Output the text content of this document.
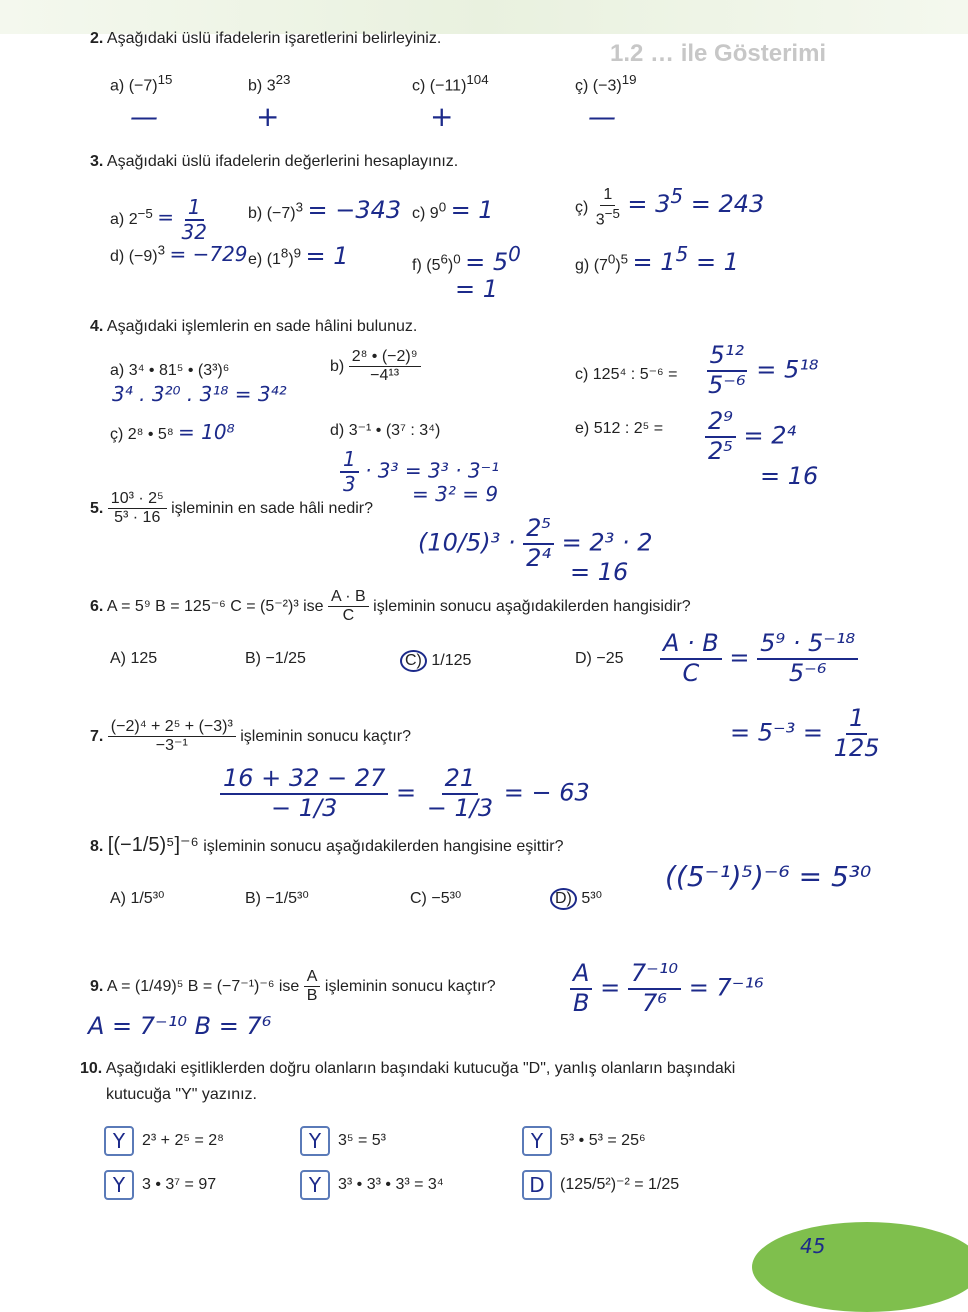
1.2 … ile Gösterimi
2. Aşağıdaki üslü ifadelerin işaretlerini belirleyiniz.
a) $(-7)^{15}$	b) $3^{23}$	c) $(-11)^{104}$	ç) $(-3)^{19}$
—	+	+	—
3. Aşağıdaki üslü ifadelerin değerlerini hesaplayınız.
a) $2^{-5} = \frac{1}{32} b$) $(-7)^3 = -343$ c) $9^0 = 1$	ç) $\frac{1}{3^{-5}} = 3^5 = 243$
d) $(-9)^3 = -729$ e) $(1^8)^9 = 1$	f) $(5^6)^0 = 5^0$
= 1
g) $(7^0)^5 = 1^5 = 1$
4. Aşağıdaki işlemlerin en sade hâlini bulunuz.
a) 3⁴ • 81⁵ • (3³)⁶
3⁴ . 3²⁰ . 3¹⁸ = 3⁴²
$b) \frac{\text{2⁸ • (−2)⁹}}{\text{−4¹³}}$	c) 125⁴ : $5^{-6} = \frac{\text{5¹²}}{\text{5⁻⁶}} = 5^{18}$
ç) 2⁸ • 5⁸ = 10⁸	d) 3⁻¹ • (3⁷ : 3⁴)
$\frac{1}{3} \cdot 3^3 = 3^3 \cdot 3^{-1}$
= 3² = 9
e) 512 : $2^5 = \frac{\text{2⁹}}{\text{2⁵}} = 2^4$
= 16
5. $\frac{\text{10³ · 2⁵}}{\text{5³ · 16}}$ işleminin en sade hâli nedir?
$(10/5)^3 \cdot \frac{\text{2⁵}}{\text{2⁴}} = 2^3 \cdot 2$
= 16
6. A = 5⁹ B = 125⁻⁶ C = (5⁻²)³ ise $\frac{A \cdot B}{C}$ işleminin sonucu aşağıdakilerden hangisidir?
A) 125	B) −1/25	C) 1/125	$D) -25 \frac{A \cdot B}{C} = \frac{\text{5⁹ · 5⁻¹⁸}}{\text{5⁻⁶}}$
= $5^{-3} = \frac{1}{125}$
7. $\frac{\text{(−2)⁴ + 2⁵ + (−3)³}}{\text{−3⁻¹}}$ işleminin sonucu kaçtır?
$\frac{16 + 32 - 27}{- 1/3} = \frac{21}{- 1/3}$ = − 63
8. [(−1/5)⁵]⁻⁶ işleminin sonucu aşağıdakilerden hangisine eşittir?
A) 1/5³⁰	B) −1/5³⁰	C) −5³⁰	D) 5³⁰
((5⁻¹)⁵)⁻⁶ = 5³⁰
9. A = (1/49)⁵ B = (−7⁻¹)⁻⁶ ise $\frac{A}{B}$ işleminin sonucu kaçtır?
A = 7⁻¹⁰ B = 7⁶
$\frac{A}{B} = \frac{\text{7⁻¹⁰}}{\text{7⁶}} = 7^{-16}$
10. Aşağıdaki eşitliklerden doğru olanların başındaki kutucuğa "D", yanlış olanların başındaki
kutucuğa "Y" yazınız.
Y 2³ + 2⁵ = 2⁸	Y 3⁵ = 5³	Y 5³ • 5³ = 25⁶
Y 3 • 3⁷ = 97	Y 3³ • 3³ • 3³ = 3⁴	D (125/5²)⁻² = 1/25
45
